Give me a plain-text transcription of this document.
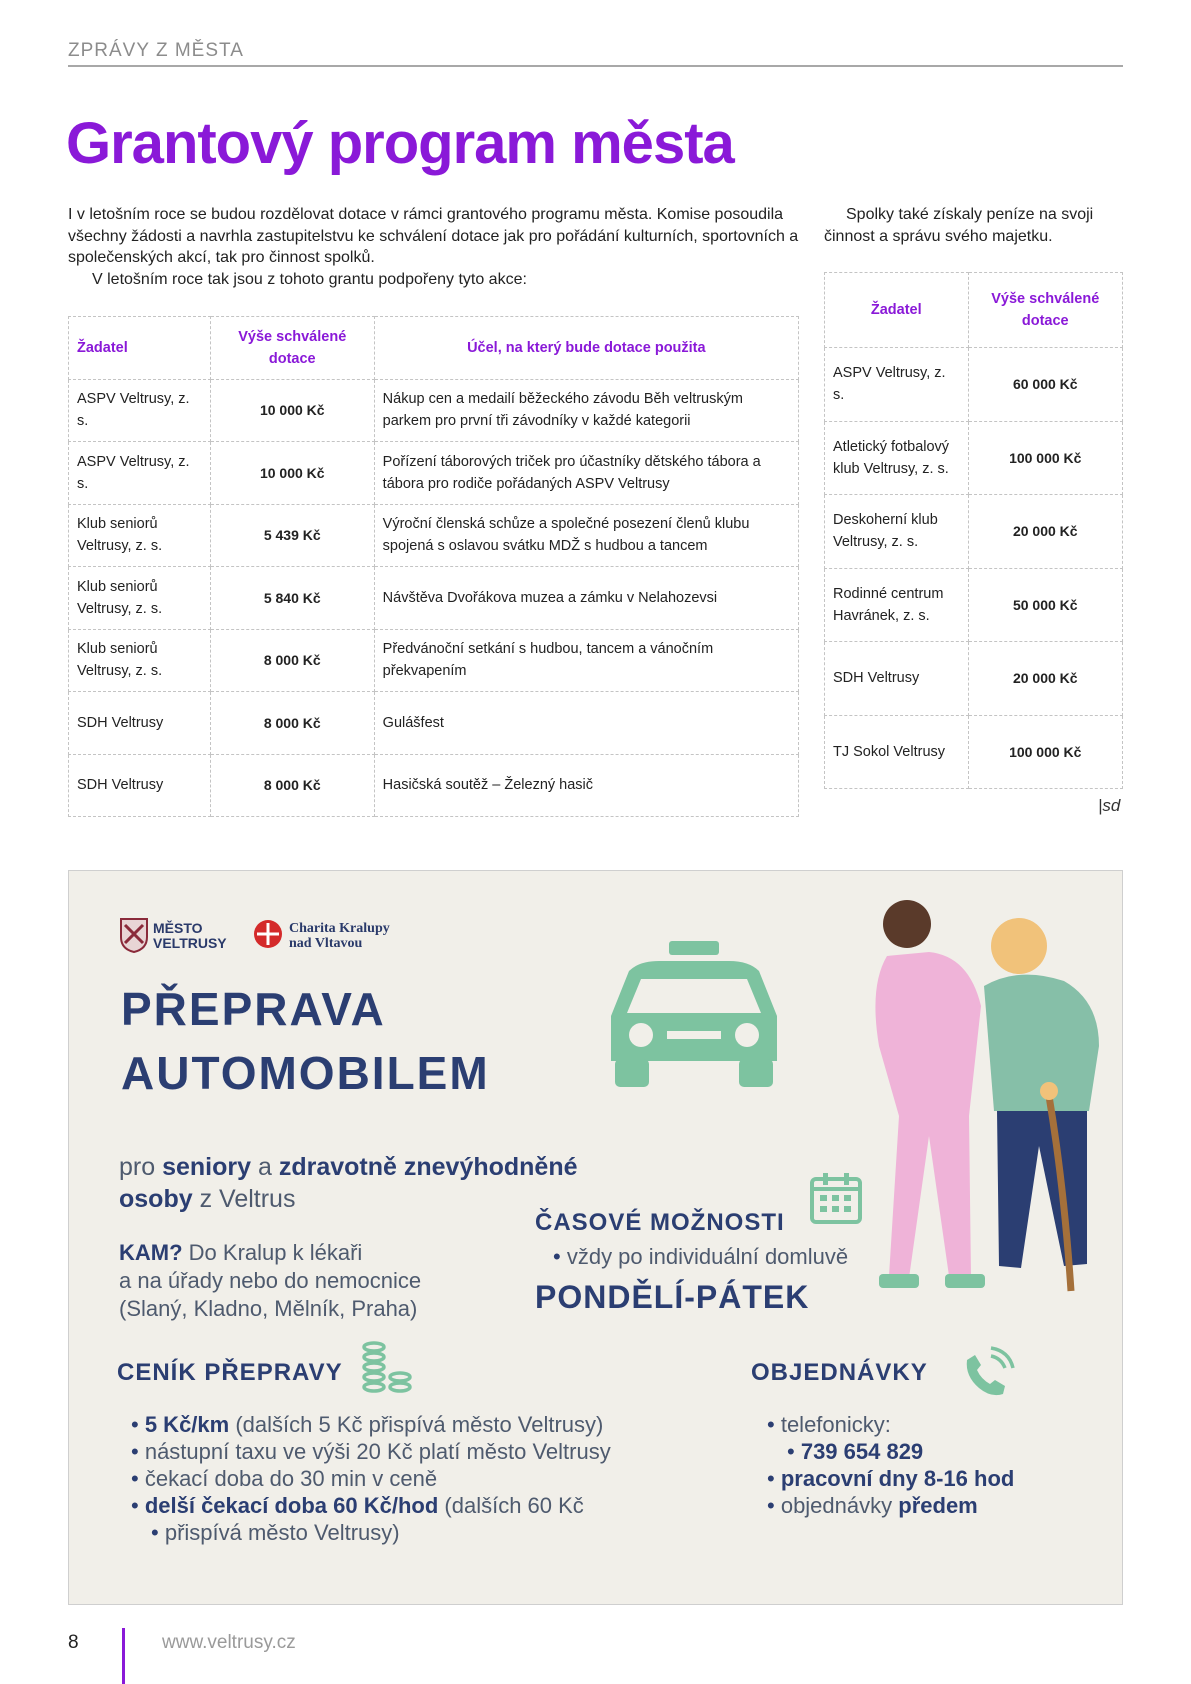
ZPRÁVY Z MĚSTA
Grantový program města

I v letošním roce se budou rozdělovat dotace v rámci grantového programu města. Komise posoudila všechny žádosti a navrhla zastupitelstvu ke schválení dotace jak pro pořádání kulturních, sportovních a společenských akcí, tak pro činnost spolků.

V letošním roce tak jsou z tohoto grantu podpořeny tyto akce:

Spolky také získaly peníze na svoji činnost a správu svého majetku.

Žadatel	Výše schválené dotace	Účel, na který bude dotace použita
ASPV Veltrusy, z. s.	10 000 Kč	Nákup cen a medailí běžeckého závodu Běh veltruským parkem pro první tři závodníky v každé kategorii
ASPV Veltrusy, z. s.	10 000 Kč	Pořízení táborových triček pro účastníky dětského tábora a tábora pro rodiče pořádaných ASPV Veltrusy
Klub seniorů Veltrusy, z. s.	5 439 Kč	Výroční členská schůze a společné posezení členů klubu spojená s oslavou svátku MDŽ s hudbou a tancem
Klub seniorů Veltrusy, z. s.	5 840 Kč	Návštěva Dvořákova muzea a zámku v Nelahozevsi
Klub seniorů Veltrusy, z. s.	8 000 Kč	Předvánoční setkání s hudbou, tancem a vánočním překvapením
SDH Veltrusy	8 000 Kč	Gulášfest
SDH Veltrusy	8 000 Kč	Hasičská soutěž – Železný hasič
Žadatel	Výše schválené dotace
ASPV Veltrusy, z. s.	60 000 Kč
Atletický fotbalový klub Veltrusy, z. s.	100 000 Kč
Deskoherní klub Veltrusy, z. s.	20 000 Kč
Rodinné centrum Havránek, z. s.	50 000 Kč
SDH Veltrusy	20 000 Kč
TJ Sokol Veltrusy	100 000 Kč
|sd
MĚSTO
VELTRUSY
Charita Kralupy
nad Vltavou
PŘEPRAVA
AUTOMOBILEM
pro seniory a zdravotně znevýhodněné
osoby z Veltrus
KAM? Do Kralup k lékaři
a na úřady nebo do nemocnice
(Slaný, Kladno, Mělník, Praha)
ČASOVÉ MOŽNOSTI
• vždy po individuální domluvě
PONDĚLÍ-PÁTEK
CENÍK PŘEPRAVY
• 5 Kč/km (dalších 5 Kč přispívá město Veltrusy)
• nástupní taxu ve výši 20 Kč platí město Veltrusy
• čekací doba do 30 min v ceně
• delší čekací doba 60 Kč/hod (dalších 60 Kč
• přispívá město Veltrusy)
OBJEDNÁVKY
• telefonicky:
• 739 654 829
• pracovní dny 8-16 hod
• objednávky předem
8	www.veltrusy.cz
